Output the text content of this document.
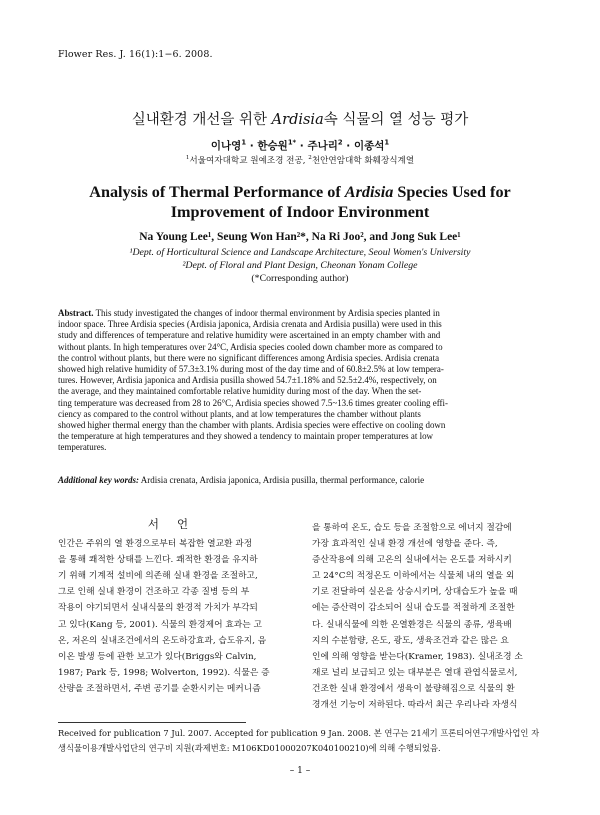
Flower Res. J. 16(1):1−6. 2008.
실내환경 개선을 위한 Ardisia속 식물의 열 성능 평가
이나영$^1$ · 한승원$^{1*}$ · 주나리$^2$ · 이종석$^1$
$^1$서울여자대학교 원예조경 전공, $^2$천안연암대학 화훼장식계열
Analysis of Thermal Performance of Ardisia Species Used for
Improvement of Indoor Environment
Na Young Lee¹, Seung Won Han²*, Na Ri Joo², and Jong Suk Lee¹
¹Dept. of Horticultural Science and Landscape Architecture, Seoul Women's University
²Dept. of Floral and Plant Design, Cheonan Yonam College
(*Corresponding author)
Abstract. This study investigated the changes of indoor thermal environment by Ardisia species planted in
indoor space. Three Ardisia species (Ardisia japonica, Ardisia crenata and Ardisia pusilla) were used in this
study and differences of temperature and relative humidity were ascertained in an empty chamber with and
without plants. In high temperatures over 24°C, Ardisia species cooled down chamber more as compared to
the control without plants, but there were no significant differences among Ardisia species. Ardisia crenata
showed high relative humidity of 57.3±3.1% during most of the day time and of 60.8±2.5% at low tempera-
tures. However, Ardisia japonica and Ardisia pusilla showed 54.7±1.18% and 52.5±2.4%, respectively, on
the average, and they maintained comfortable relative humidity during most of the day. When the set-
ting temperature was decreased from 28 to 26°C, Ardisia species showed 7.5~13.6 times greater cooling effi-
ciency as compared to the control without plants, and at low temperatures the chamber without plants
showed higher thermal energy than the chamber with plants. Ardisia species were effective on cooling down
the temperature at high temperatures and they showed a tendency to maintain proper temperatures at low
temperatures.
Additional key words: Ardisia crenata, Ardisia japonica, Ardisia pusilla, thermal performance, calorie
서언

인간은 주위의 열 환경으로부터 복잡한 열교환 과정
을 통해 쾌적한 상태를 느낀다. 쾌적한 환경을 유지하
기 위해 기계적 설비에 의존해 실내 환경을 조절하고,
그로 인해 실내 환경이 건조하고 각종 질병 등의 부
작용이 야기되면서 실내식물의 환경적 가치가 부각되
고 있다(Kang 등, 2001). 식물의 환경제어 효과는 고
온, 저온의 실내조건에서의 온도하강효과, 습도유지, 음
이온 발생 등에 관한 보고가 있다(Briggs와 Calvin,
1987; Park 등, 1998; Wolverton, 1992). 식물은 증
산량을 조절하면서, 주변 공기를 순환시키는 메커니즘
을 통하여 온도, 습도 등을 조절함으로 에너지 절감에
가장 효과적인 실내 환경 개선에 영향을 준다. 즉,
증산작용에 의해 고온의 실내에서는 온도를 저하시키
고 24°C의 적정온도 이하에서는 식물체 내의 열을 외
기로 전달하여 실온을 상승시키며, 상대습도가 높을 때
에는 증산력이 감소되어 실내 습도를 적절하게 조절한
다. 실내식물에 의한 온열환경은 식물의 종류, 생육배
지의 수분함량, 온도, 광도, 생육조건과 같은 많은 요
인에 의해 영향을 받는다(Kramer, 1983). 실내조경 소
재로 널리 보급되고 있는 대부분은 열대 관엽식물로서,
건조한 실내 환경에서 생육이 불량해짐으로 식물의 환
경개선 기능이 저하된다. 따라서 최근 우리나라 자생식
Received for publication 7 Jul. 2007. Accepted for publication 9 Jan. 2008. 본 연구는 21세기 프론티어연구개발사업인 자
생식물이용개발사업단의 연구비 지원(과제번호: M106KD01000207K040100210)에 의해 수행되었음.
– 1 –
